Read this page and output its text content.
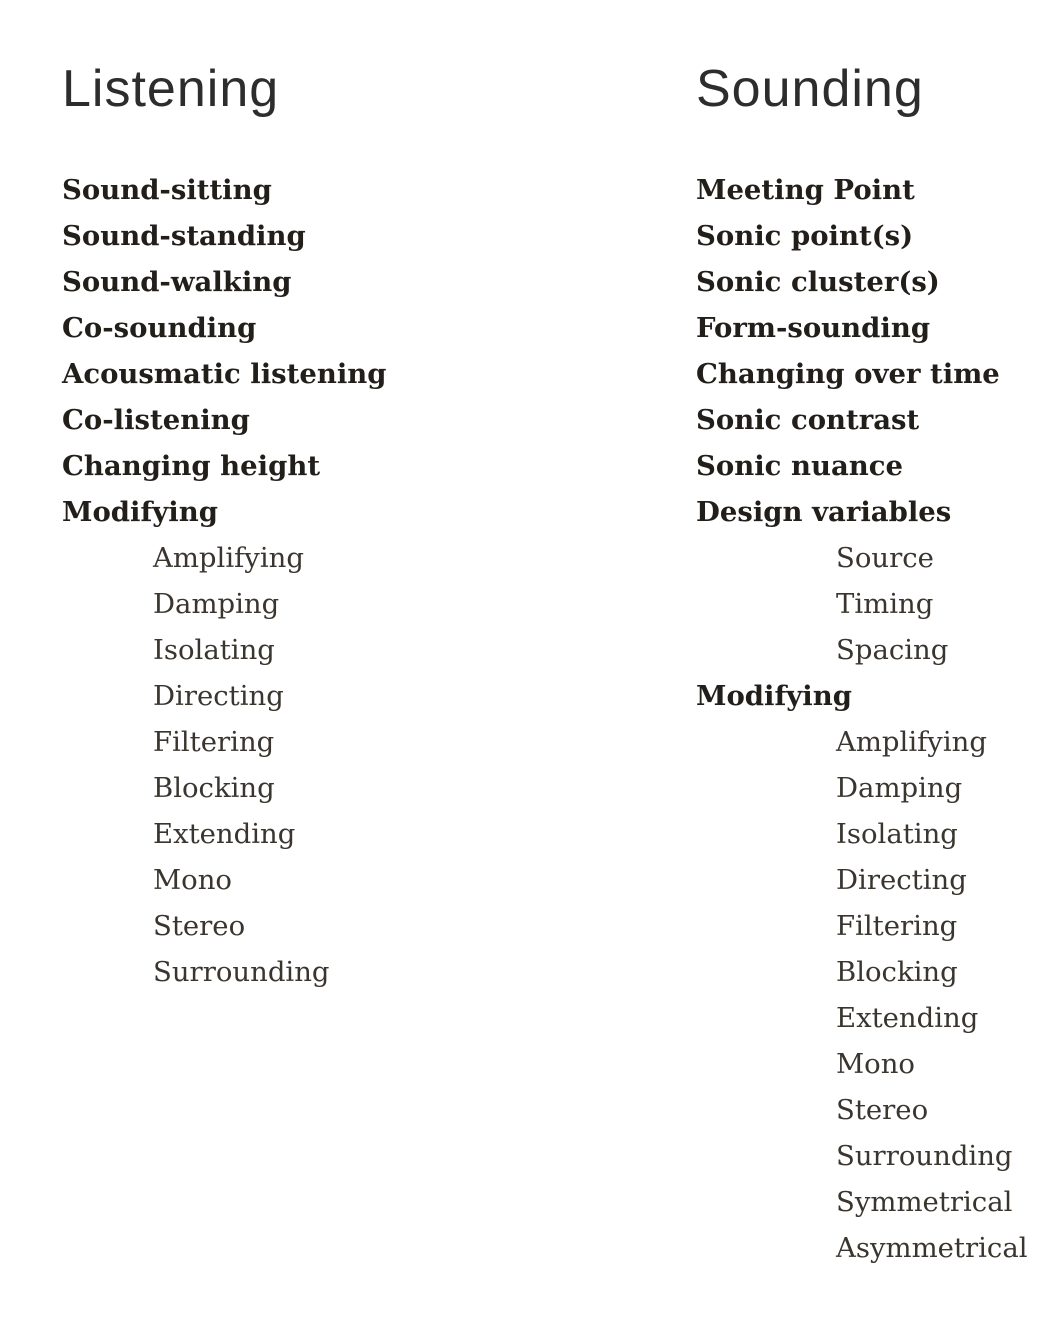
Listening
Sound-sitting
Sound-standing
Sound-walking
Co-sounding
Acousmatic listening
Co-listening
Changing height
Modifying
Amplifying
Damping
Isolating
Directing
Filtering
Blocking
Extending
Mono
Stereo
Surrounding
Sounding
Meeting Point
Sonic point(s)
Sonic cluster(s)
Form-sounding
Changing over time
Sonic contrast
Sonic nuance
Design variables
Source
Timing
Spacing
Modifying
Amplifying
Damping
Isolating
Directing
Filtering
Blocking
Extending
Mono
Stereo
Surrounding
Symmetrical
Asymmetrical
